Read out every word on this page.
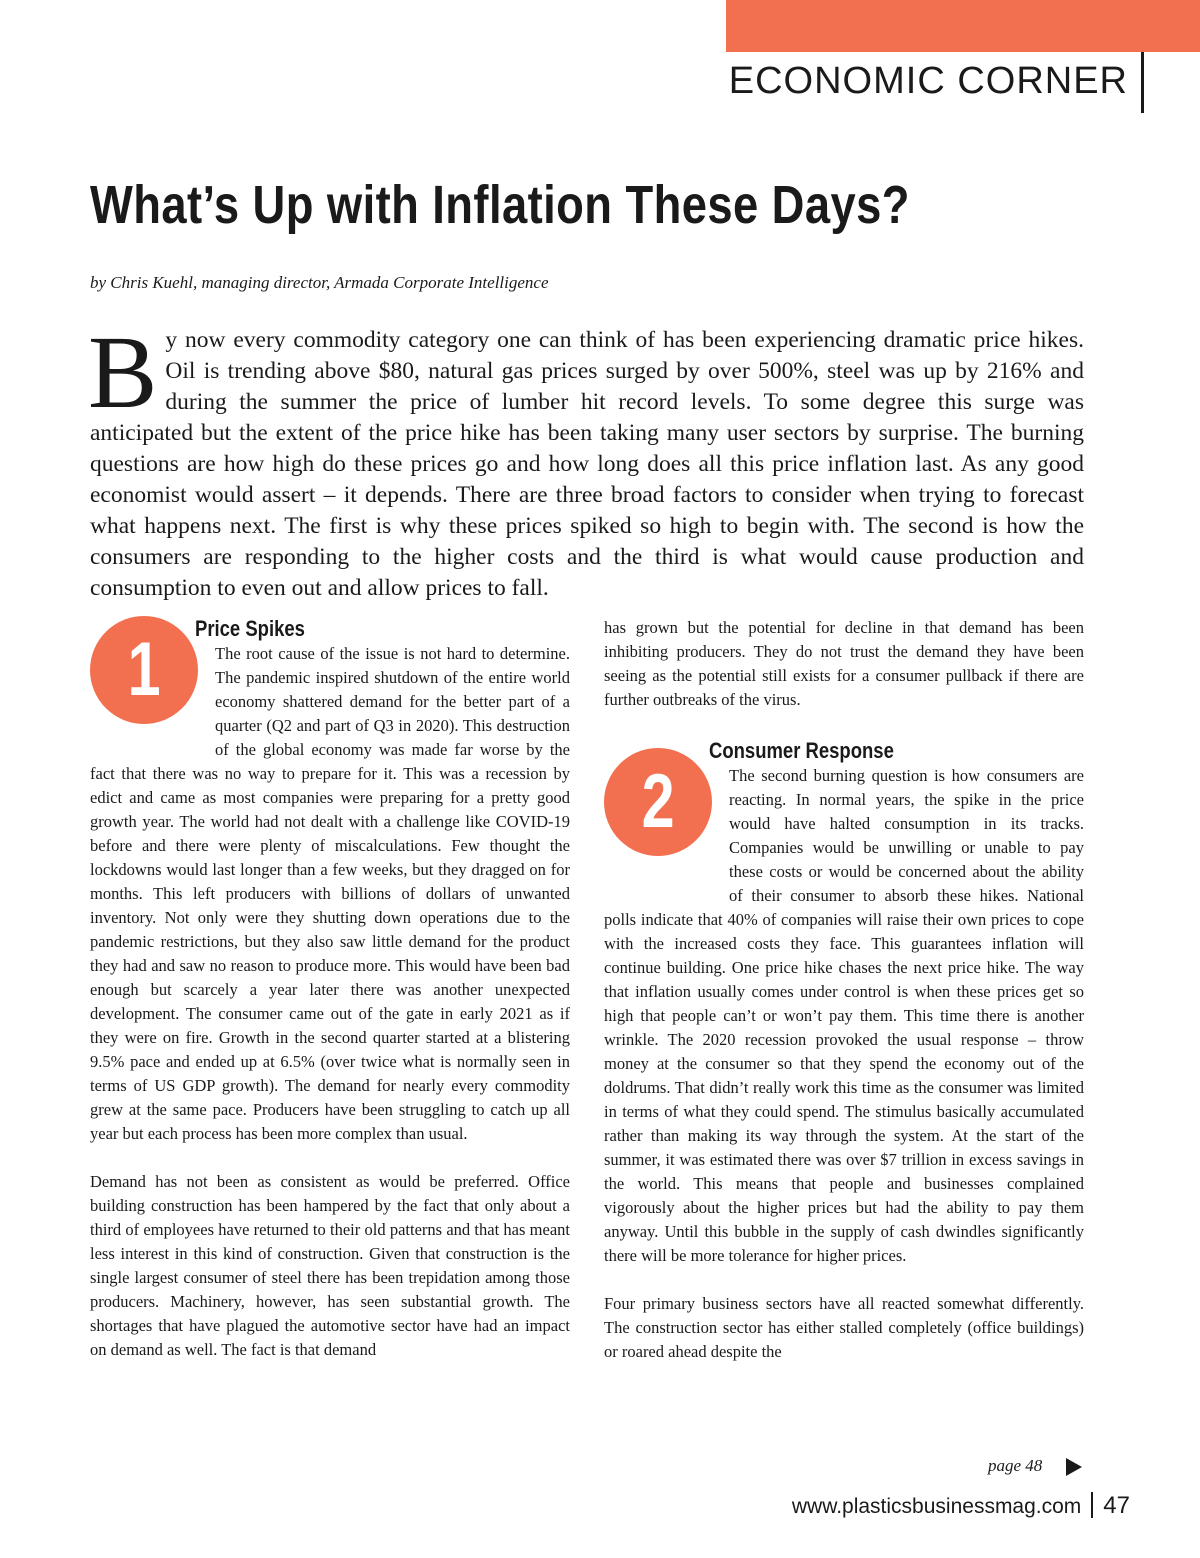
ECONOMIC CORNER
What’s Up with Inflation These Days?
by Chris Kuehl, managing director, Armada Corporate Intelligence
By now every commodity category one can think of has been experiencing dramatic price hikes. Oil is trending above $80, natural gas prices surged by over 500%, steel was up by 216% and during the summer the price of lumber hit record levels. To some degree this surge was anticipated but the extent of the price hike has been taking many user sectors by surprise. The burning questions are how high do these prices go and how long does all this price inflation last. As any good economist would assert – it depends. There are three broad factors to consider when trying to forecast what happens next. The first is why these prices spiked so high to begin with. The second is how the consumers are responding to the higher costs and the third is what would cause production and consumption to even out and allow prices to fall.
1	Price Spikes

The root cause of the issue is not hard to determine. The pandemic inspired shutdown of the entire world economy shattered demand for the better part of a quarter (Q2 and part of Q3 in 2020). This destruction of the global economy was made far worse by the fact that there was no way to prepare for it. This was a recession by edict and came as most companies were preparing for a pretty good growth year. The world had not dealt with a challenge like COVID-19 before and there were plenty of miscalculations. Few thought the lockdowns would last longer than a few weeks, but they dragged on for months. This left producers with billions of dollars of unwanted inventory. Not only were they shutting down operations due to the pandemic restrictions, but they also saw little demand for the product they had and saw no reason to produce more. This would have been bad enough but scarcely a year later there was another unexpected development. The consumer came out of the gate in early 2021 as if they were on fire. Growth in the second quarter started at a blistering 9.5% pace and ended up at 6.5% (over twice what is normally seen in terms of US GDP growth). The demand for nearly every commodity grew at the same pace. Producers have been struggling to catch up all year but each process has been more complex than usual.

Demand has not been as consistent as would be preferred. Office building construction has been hampered by the fact that only about a third of employees have returned to their old patterns and that has meant less interest in this kind of construction. Given that construction is the single largest consumer of steel there has been trepidation among those producers. Machinery, however, has seen substantial growth. The shortages that have plagued the automotive sector have had an impact on demand as well. The fact is that demand

has grown but the potential for decline in that demand has been inhibiting producers. They do not trust the demand they have been seeing as the potential still exists for a consumer pullback if there are further outbreaks of the virus.

2
Consumer Response

The second burning question is how consumers are reacting. In normal years, the spike in the price would have halted consumption in its tracks. Companies would be unwilling or unable to pay these costs or would be concerned about the ability of their consumer to absorb these hikes. National polls indicate that 40% of companies will raise their own prices to cope with the increased costs they face. This guarantees inflation will continue building. One price hike chases the next price hike. The way that inflation usually comes under control is when these prices get so high that people can’t or won’t pay them. This time there is another wrinkle. The 2020 recession provoked the usual response – throw money at the consumer so that they spend the economy out of the doldrums. That didn’t really work this time as the consumer was limited in terms of what they could spend. The stimulus basically accumulated rather than making its way through the system. At the start of the summer, it was estimated there was over $7 trillion in excess savings in the world. This means that people and businesses complained vigorously about the higher prices but had the ability to pay them anyway. Until this bubble in the supply of cash dwindles significantly there will be more tolerance for higher prices.

Four primary business sectors have all reacted somewhat differently. The construction sector has either stalled completely (office buildings) or roared ahead despite the

page 48
www.plasticsbusinessmag.com 47
